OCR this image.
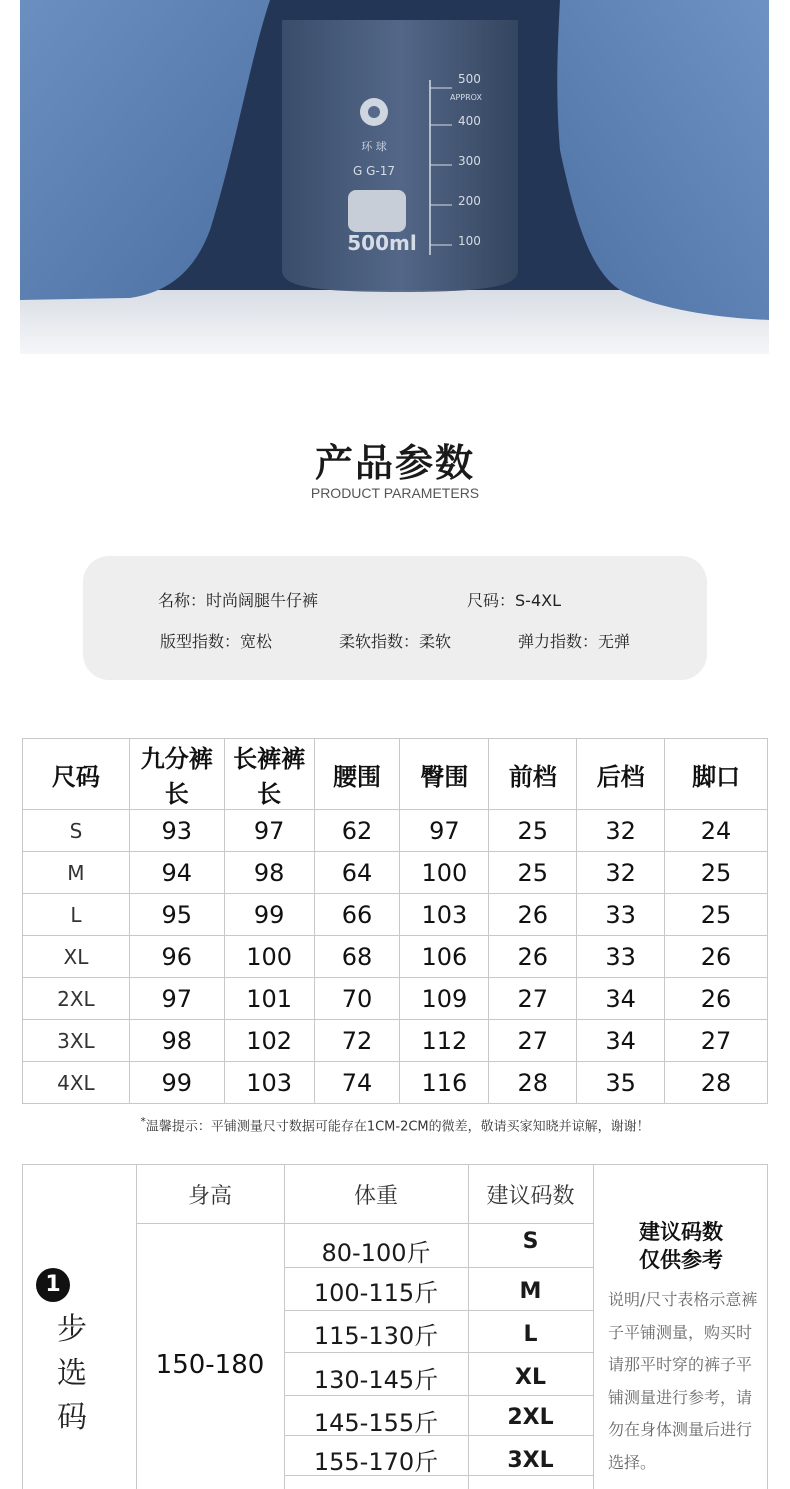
环 球
G G-17
500ml
APPROX
500
400
300
200
100
产品参数
PRODUCT PARAMETERS
名称：时尚阔腿牛仔裤	尺码：S-4XL
版型指数：宽松	柔软指数：柔软	弹力指数：无弹
尺码	九分裤长	长裤裤长	腰围	臀围	前档	后档	脚口
S	93	97	62	97	25	32	24
M	94	98	64	100	25	32	25
L	95	99	66	103	26	33	25
XL	96	100	68	106	26	33	26
2XL	97	101	70	109	27	34	26
3XL	98	102	72	112	27	34	27
4XL	99	103	74	116	28	35	28
*温馨提示：平铺测量尺寸数据可能存在1CM-2CM的微差，敬请买家知晓并谅解，谢谢！
身高	体重	建议码数
150-180
80-100斤	S
100-115斤	M
115-130斤	L
130-145斤	XL
145-155斤	2XL
155-170斤	3XL
1
步选码
建议码数
仅供参考
说明/尺寸表格示意裤子平铺测量，购买时请那平时穿的裤子平铺测量进行参考，请勿在身体测量后进行选择。
